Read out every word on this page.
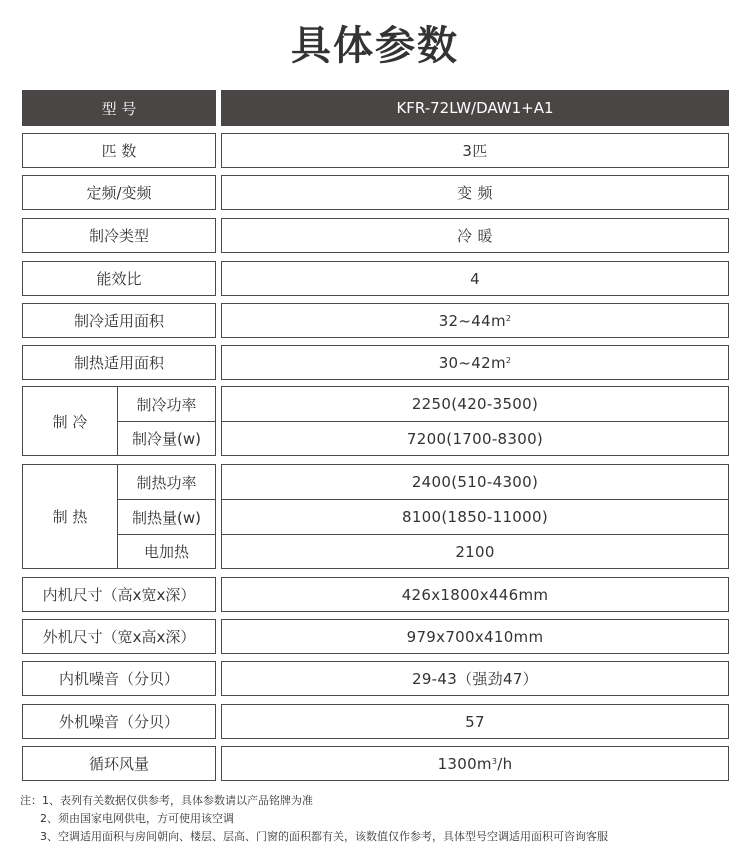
具体参数
型 号	KFR-72LW/DAW1+A1
匹 数	3匹
定频/变频	变 频
制冷类型	冷 暖
能效比	4
制冷适用面积	$32\sim 44m^2$
制热适用面积	$30\sim 42m^2$
制 冷
制冷功率	2250(420-3500)
制冷量(w)	7200(1700-8300)
制 热
制热功率	2400(510-4300)
制热量(w)	8100(1850-11000)
电加热	2100
内机尺寸（高x宽x深）	426x1800x446mm
外机尺寸（宽x高x深）	979x700x410mm
内机噪音（分贝）	29-43（强劲47）
外机噪音（分贝）	57
循环风量	$1300m^3$ /h
注：1、表列有关数据仅供参考，具体参数请以产品铭牌为准
2、须由国家电网供电，方可使用该空调
3、空调适用面积与房间朝向、楼层、层高、门窗的面积都有关，该数值仅作参考，具体型号空调适用面积可咨询客服
